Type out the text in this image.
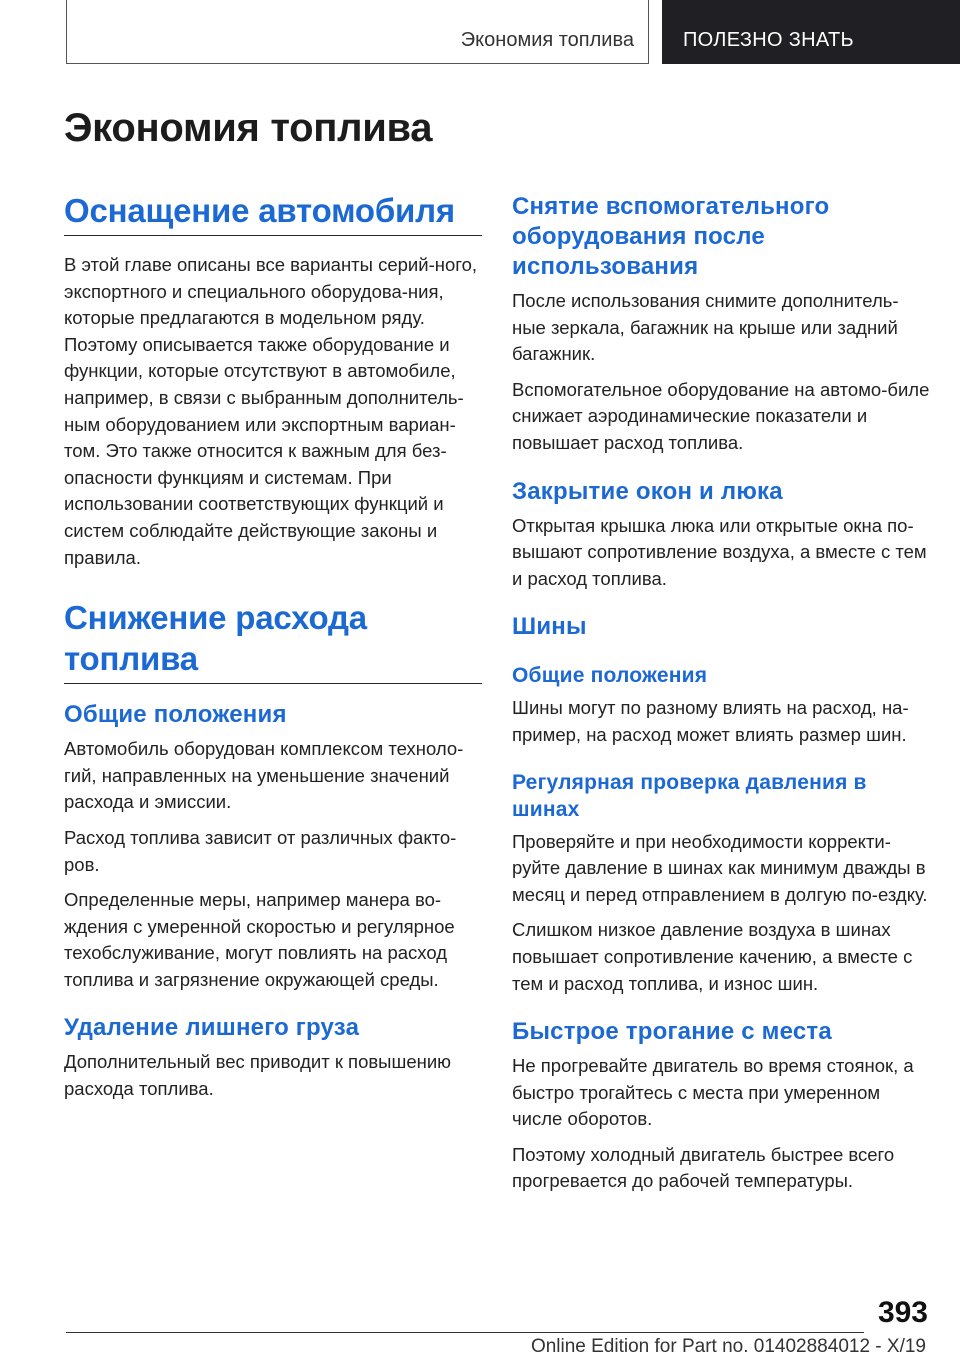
Экономия топлива ПОЛЕЗНО ЗНАТЬ
Экономия топлива
Оснащение автомобиля

В этой главе описаны все варианты серий-ного, экспортного и специального оборудова-ния, которые предлагаются в модельном ряду. Поэтому описывается также оборудование и функции, которые отсутствуют в автомобиле, например, в связи с выбранным дополнитель-ным оборудованием или экспортным вариан-том. Это также относится к важным для без-опасности функциям и системам. При использовании соответствующих функций и систем соблюдайте действующие законы и правила.

Снижение расхода топлива
Общие положения

Автомобиль оборудован комплексом техноло-гий, направленных на уменьшение значений расхода и эмиссии.

Расход топлива зависит от различных факто-ров.

Определенные меры, например манера во-ждения с умеренной скоростью и регулярное техобслуживание, могут повлиять на расход топлива и загрязнение окружающей среды.

Удаление лишнего груза

Дополнительный вес приводит к повышению расхода топлива.

Снятие вспомогательного оборудования после использования

После использования снимите дополнитель-ные зеркала, багажник на крыше или задний багажник.

Вспомогательное оборудование на автомо-биле снижает аэродинамические показатели и повышает расход топлива.

Закрытие окон и люка

Открытая крышка люка или открытые окна по-вышают сопротивление воздуха, а вместе с тем и расход топлива.

Шины
Общие положения

Шины могут по разному влиять на расход, на-пример, на расход может влиять размер шин.

Регулярная проверка давления в шинах

Проверяйте и при необходимости корректи-руйте давление в шинах как минимум дважды в месяц и перед отправлением в долгую по-ездку.

Слишком низкое давление воздуха в шинах повышает сопротивление качению, а вместе с тем и расход топлива, и износ шин.

Быстрое трогание с места

Не прогревайте двигатель во время стоянок, а быстро трогайтесь с места при умеренном числе оборотов.

Поэтому холодный двигатель быстрее всего прогревается до рабочей температуры.

393
Online Edition for Part no. 01402884012 - X/19
